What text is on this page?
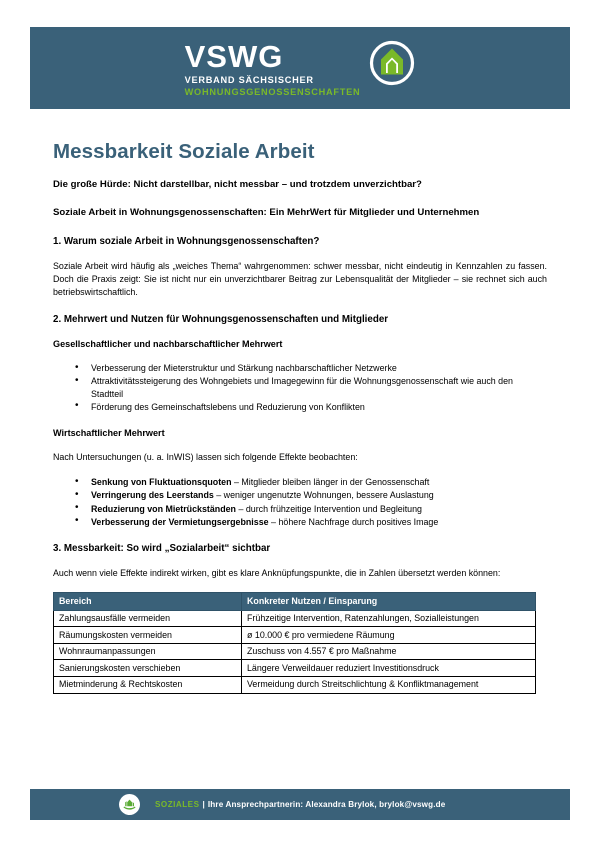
VSWG
VERBAND SÄCHSISCHER
WOHNUNGSGENOSSENSCHAFTEN
Messbarkeit Soziale Arbeit

Die große Hürde: Nicht darstellbar, nicht messbar – und trotzdem unverzichtbar?

Soziale Arbeit in Wohnungsgenossenschaften: Ein MehrWert für Mitglieder und Unternehmen

1. Warum soziale Arbeit in Wohnungsgenossenschaften?

Soziale Arbeit wird häufig als „weiches Thema“ wahrgenommen: schwer messbar, nicht eindeutig in Kennzahlen zu fassen. Doch die Praxis zeigt: Sie ist nicht nur ein unverzichtbarer Beitrag zur Lebensqualität der Mitglieder – sie rechnet sich auch betriebswirtschaftlich.

2. Mehrwert und Nutzen für Wohnungsgenossenschaften und Mitglieder
Gesellschaftlicher und nachbarschaftlicher Mehrwert
• Verbesserung der Mieterstruktur und Stärkung nachbarschaftlicher Netzwerke
• Attraktivitätssteigerung des Wohngebiets und Imagegewinn für die Wohnungsgenossenschaft wie auch den Stadtteil
• Förderung des Gemeinschaftslebens und Reduzierung von Konflikten
Wirtschaftlicher Mehrwert

Nach Untersuchungen (u. a. InWIS) lassen sich folgende Effekte beobachten:

• Senkung von Fluktuationsquoten – Mitglieder bleiben länger in der Genossenschaft
• Verringerung des Leerstands – weniger ungenutzte Wohnungen, bessere Auslastung
• Reduzierung von Mietrückständen – durch frühzeitige Intervention und Begleitung
• Verbesserung der Vermietungsergebnisse – höhere Nachfrage durch positives Image
3. Messbarkeit: So wird „Sozialarbeit“ sichtbar

Auch wenn viele Effekte indirekt wirken, gibt es klare Anknüpfungspunkte, die in Zahlen übersetzt werden können:

Bereich	Konkreter Nutzen / Einsparung
Zahlungsausfälle vermeiden	Frühzeitige Intervention, Ratenzahlungen, Sozialleistungen
Räumungskosten vermeiden	ø 10.000 € pro vermiedene Räumung
Wohnraumanpassungen	Zuschuss von 4.557 € pro Maßnahme
Sanierungskosten verschieben	Längere Verweildauer reduziert Investitionsdruck
Mietminderung & Rechtskosten	Vermeidung durch Streitschlichtung & Konfliktmanagement
SOZIALES | Ihre Ansprechpartnerin: Alexandra Brylok, brylok@vswg.de
